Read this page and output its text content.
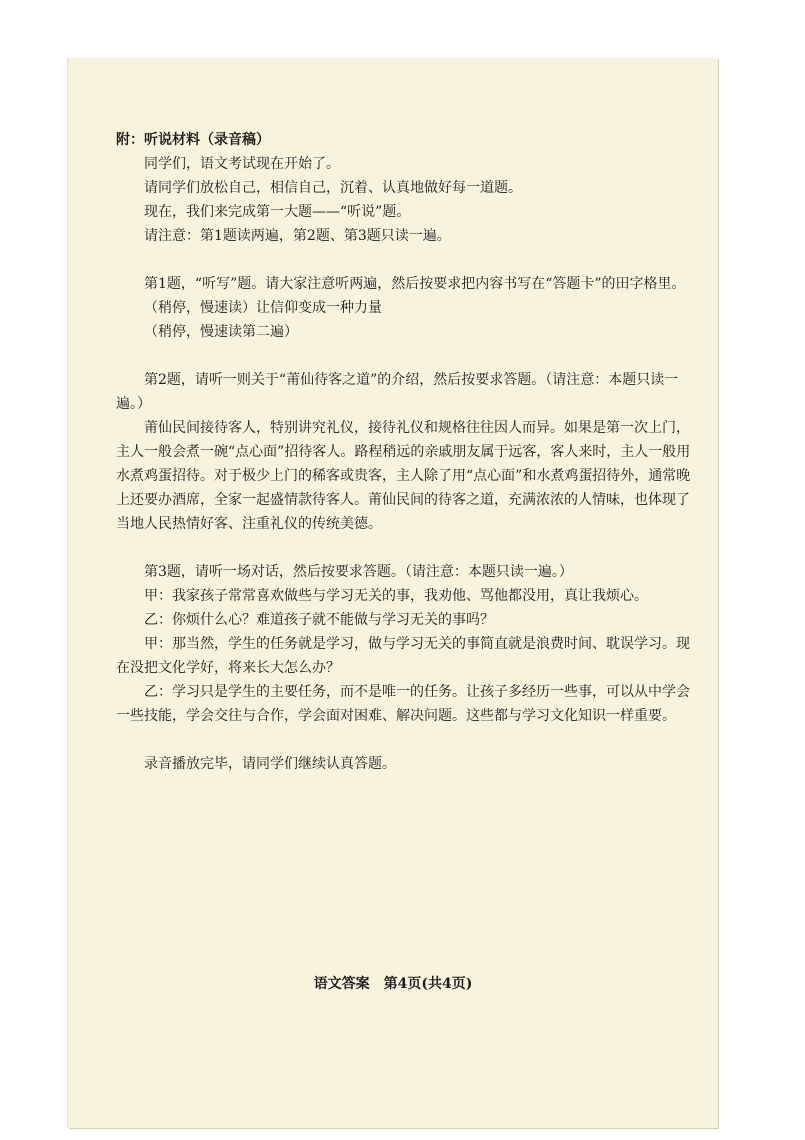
附：听说材料（录音稿）

同学们，语文考试现在开始了。

请同学们放松自己，相信自己，沉着、认真地做好每一道题。

现在，我们来完成第一大题——“听说”题。

请注意：第1题读两遍，第2题、第3题只读一遍。

第1题，“听写”题。请大家注意听两遍，然后按要求把内容书写在“答题卡”的田字格里。

（稍停，慢速读）让信仰变成一种力量

（稍停，慢速读第二遍）

第2题，请听一则关于“莆仙待客之道”的介绍，然后按要求答题。（请注意：本题只读一遍。）

莆仙民间接待客人，特别讲究礼仪，接待礼仪和规格往往因人而异。如果是第一次上门，主人一般会煮一碗“点心面”招待客人。路程稍远的亲戚朋友属于远客，客人来时，主人一般用水煮鸡蛋招待。对于极少上门的稀客或贵客，主人除了用“点心面”和水煮鸡蛋招待外，通常晚上还要办酒席，全家一起盛情款待客人。莆仙民间的待客之道，充满浓浓的人情味，也体现了当地人民热情好客、注重礼仪的传统美德。

第3题，请听一场对话，然后按要求答题。（请注意：本题只读一遍。）

甲：我家孩子常常喜欢做些与学习无关的事，我劝他、骂他都没用，真让我烦心。

乙：你烦什么心？难道孩子就不能做与学习无关的事吗？

甲：那当然，学生的任务就是学习，做与学习无关的事简直就是浪费时间、耽误学习。现在没把文化学好，将来长大怎么办？

乙：学习只是学生的主要任务，而不是唯一的任务。让孩子多经历一些事，可以从中学会一些技能，学会交往与合作，学会面对困难、解决问题。这些都与学习文化知识一样重要。

录音播放完毕，请同学们继续认真答题。

语文答案　第4页(共4页)
